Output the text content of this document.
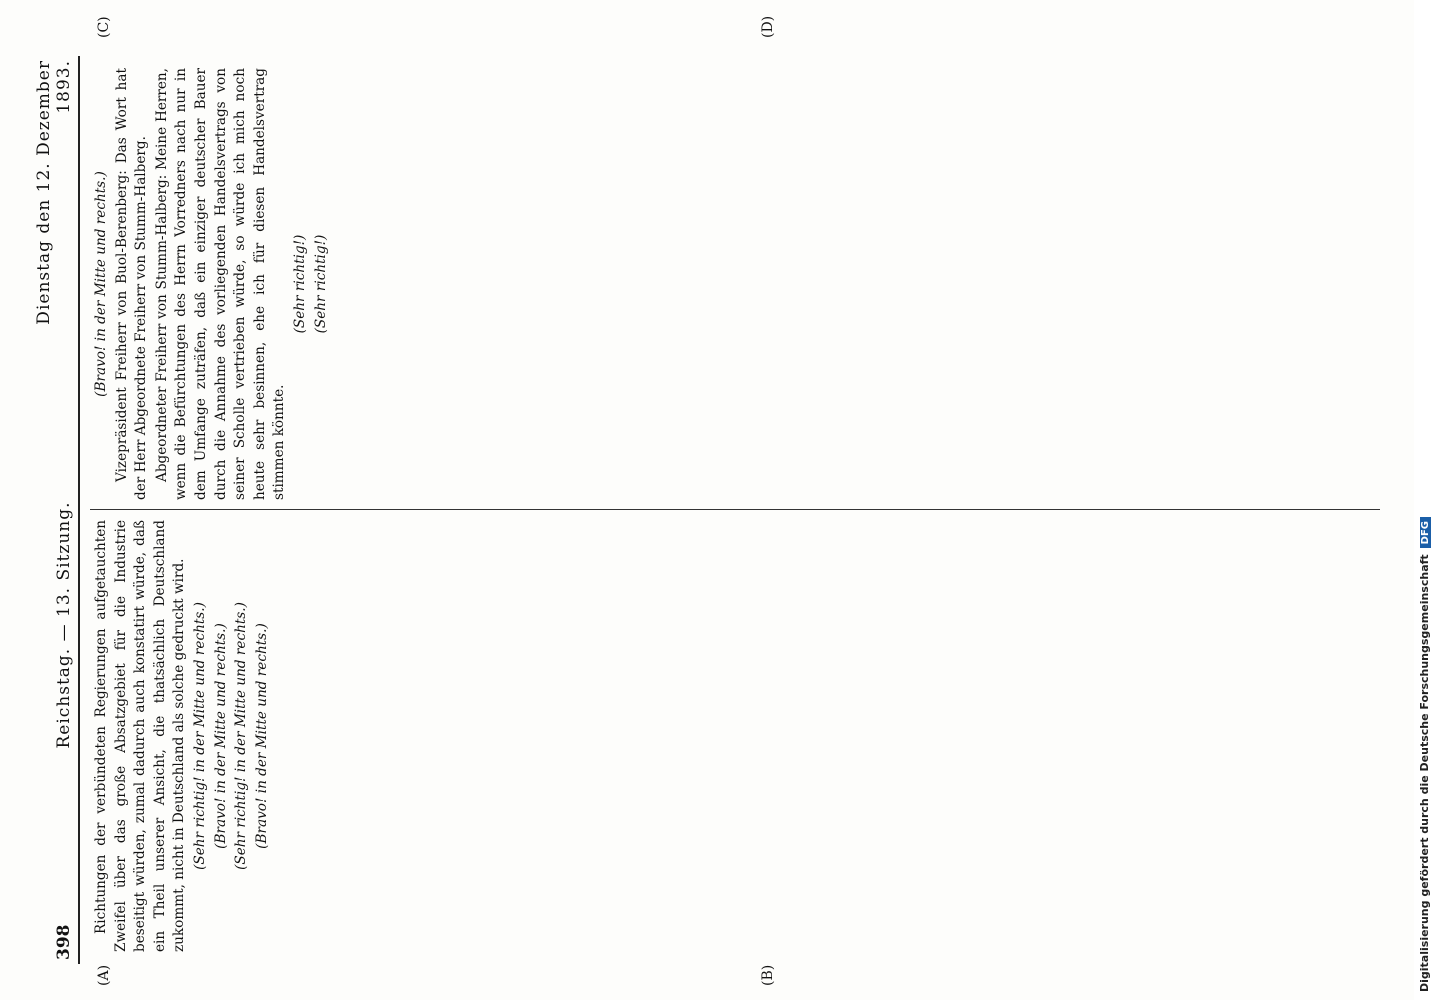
398
Reichstag. — 13. Sitzung.
Dienstag den 12. Dezember 1893.
(A)	(B)
(C)	(D)

Richtungen der verbündeten Regierungen aufgetauchten Zweifel über das große Absatzgebiet für die Industrie beseitigt würden, zumal dadurch auch konstatirt würde, daß ein Theil unserer Ansicht, die thatsächlich Deutschland zukommt, nicht in Deutschland als solche gedruckt wird. (Sehr richtig! in der Mitte und rechts.) (Bravo! in der Mitte und rechts.) (Sehr richtig! in der Mitte und rechts.) (Bravo! in der Mitte und rechts.)

(Bravo! in der Mitte und rechts.) Vizepräsident Freiherr von Buol-Berenberg: Das Wort hat der Herr Abgeordnete Freiherr von Stumm-Halberg. Abgeordneter Freiherr von Stumm-Halberg: Meine Herren, wenn die Befürchtungen des Herrn Vorredners nach nur in dem Umfange zuträfen, daß ein einziger deutscher Bauer durch die Annahme des vorliegenden Handelsvertrags von seiner Scholle vertrieben würde, so würde ich mich noch heute sehr besinnen, ehe ich für diesen Handelsvertrag stimmen könnte.

(Sehr richtig!) (Sehr richtig!)

Digitalisierung gefördert durch die Deutsche ForschungsgemeinschaftDFG
